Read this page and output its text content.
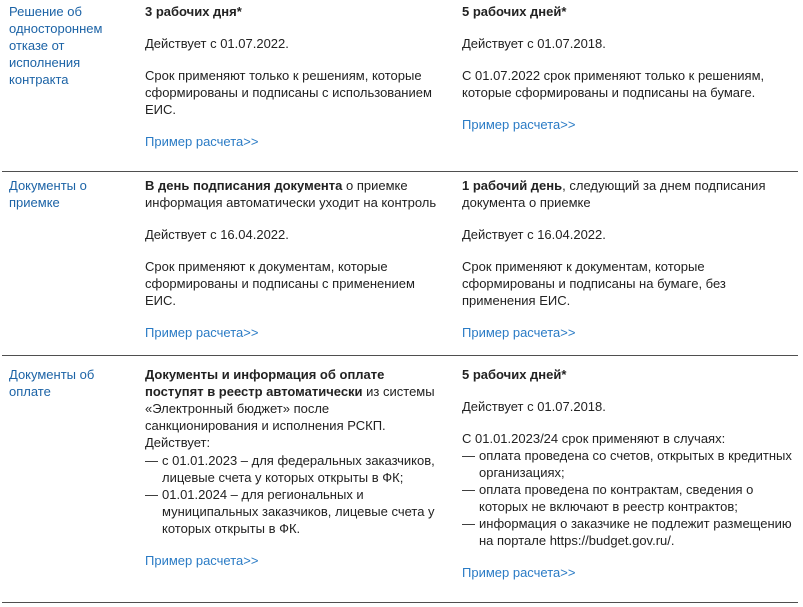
Решение об одностороннем отказе от исполнения контракта

3 рабочих дня*

Действует с 01.07.2022.

Срок применяют только к решениям, которые сформированы и подписаны с использованием ЕИС.

Пример расчета>>

5 рабочих дней*

Действует с 01.07.2018.

С 01.07.2022 срок применяют только к решениям, которые сформированы и подписаны на бумаге.

Пример расчета>>

Документы о приемке

В день подписания документа о приемке информация автоматически уходит на контроль

Действует с 16.04.2022.

Срок применяют к документам, которые сформированы и подписаны с применением ЕИС.

Пример расчета>>

1 рабочий день, следующий за днем подписания документа о приемке

Действует с 16.04.2022.

Срок применяют к документам, которые сформированы и подписаны на бумаге, без применения ЕИС.

Пример расчета>>

Документы об оплате

Документы и информация об оплате поступят в реестр автоматически из системы «Электронный бюджет» после санкционирования и исполнения РСКП. Действует:

— с 01.01.2023 – для федеральных заказчиков, лицевые счета у которых открыты в ФК;
— 01.01.2024 – для региональных и муниципальных заказчиков, лицевые счета у которых открыты в ФК.

Пример расчета>>

5 рабочих дней*

Действует с 01.07.2018.

С 01.01.2023/24 срок применяют в случаях:

— оплата проведена со счетов, открытых в кредитных организациях;
— оплата проведена по контрактам, сведения о которых не включают в реестр контрактов;
— информация о заказчике не подлежит размещению на портале https://budget.gov.ru/.

Пример расчета>>
